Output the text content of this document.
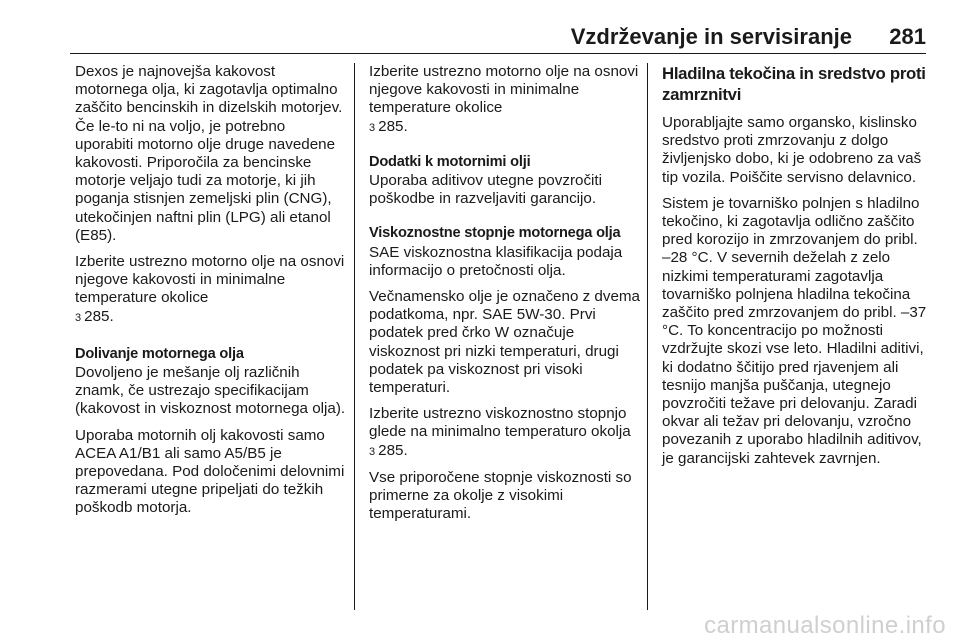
Vzdrževanje in servisiranje 281

Dexos je najnovejša kakovost motornega olja, ki zagotavlja optimalno zaščito bencinskih in dizelskih motorjev. Če le-to ni na voljo, je potrebno uporabiti motorno olje druge navedene kakovosti. Priporočila za bencinske motorje veljajo tudi za motorje, ki jih poganja stisnjen zemeljski plin (CNG), utekočinjen naftni plin (LPG) ali etanol (E85).

Izberite ustrezno motorno olje na osnovi njegove kakovosti in minimalne temperature okolice
3 285.

Dolivanje motornega olja

Dovoljeno je mešanje olj različnih znamk, če ustrezajo specifikacijam (kakovost in viskoznost motornega olja).

Uporaba motornih olj kakovosti samo ACEA A1/B1 ali samo A5/B5 je prepovedana. Pod določenimi delovnimi razmerami utegne pripeljati do težkih poškodb motorja.

Izberite ustrezno motorno olje na osnovi njegove kakovosti in minimalne temperature okolice
3 285.

Dodatki k motornimi olji

Uporaba aditivov utegne povzročiti poškodbe in razveljaviti garancijo.

Viskoznostne stopnje motornega olja

SAE viskoznostna klasifikacija podaja informacijo o pretočnosti olja.

Večnamensko olje je označeno z dvema podatkoma, npr. SAE 5W-30. Prvi podatek pred črko W označuje viskoznost pri nizki temperaturi, drugi podatek pa viskoznost pri visoki temperaturi.

Izberite ustrezno viskoznostno stopnjo glede na minimalno temperaturo okolja 3 285.

Vse priporočene stopnje viskoznosti so primerne za okolje z visokimi temperaturami.

Hladilna tekočina in sredstvo proti zamrznitvi

Uporabljajte samo organsko, kislinsko sredstvo proti zmrzovanju z dolgo življenjsko dobo, ki je odobreno za vaš tip vozila. Poiščite servisno delavnico.

Sistem je tovarniško polnjen s hladilno tekočino, ki zagotavlja odlično zaščito pred korozijo in zmrzovanjem do pribl. –28 °C. V severnih deželah z zelo nizkimi temperaturami zagotavlja tovarniško polnjena hladilna tekočina zaščito pred zmrzovanjem do pribl. –37 °C. To koncentracijo po možnosti vzdržujte skozi vse leto. Hladilni aditivi, ki dodatno ščitijo pred rjavenjem ali tesnijo manjša puščanja, utegnejo povzročiti težave pri delovanju. Zaradi okvar ali težav pri delovanju, vzročno povezanih z uporabo hladilnih aditivov, je garancijski zahtevek zavrnjen.

carmanualsonline.info
